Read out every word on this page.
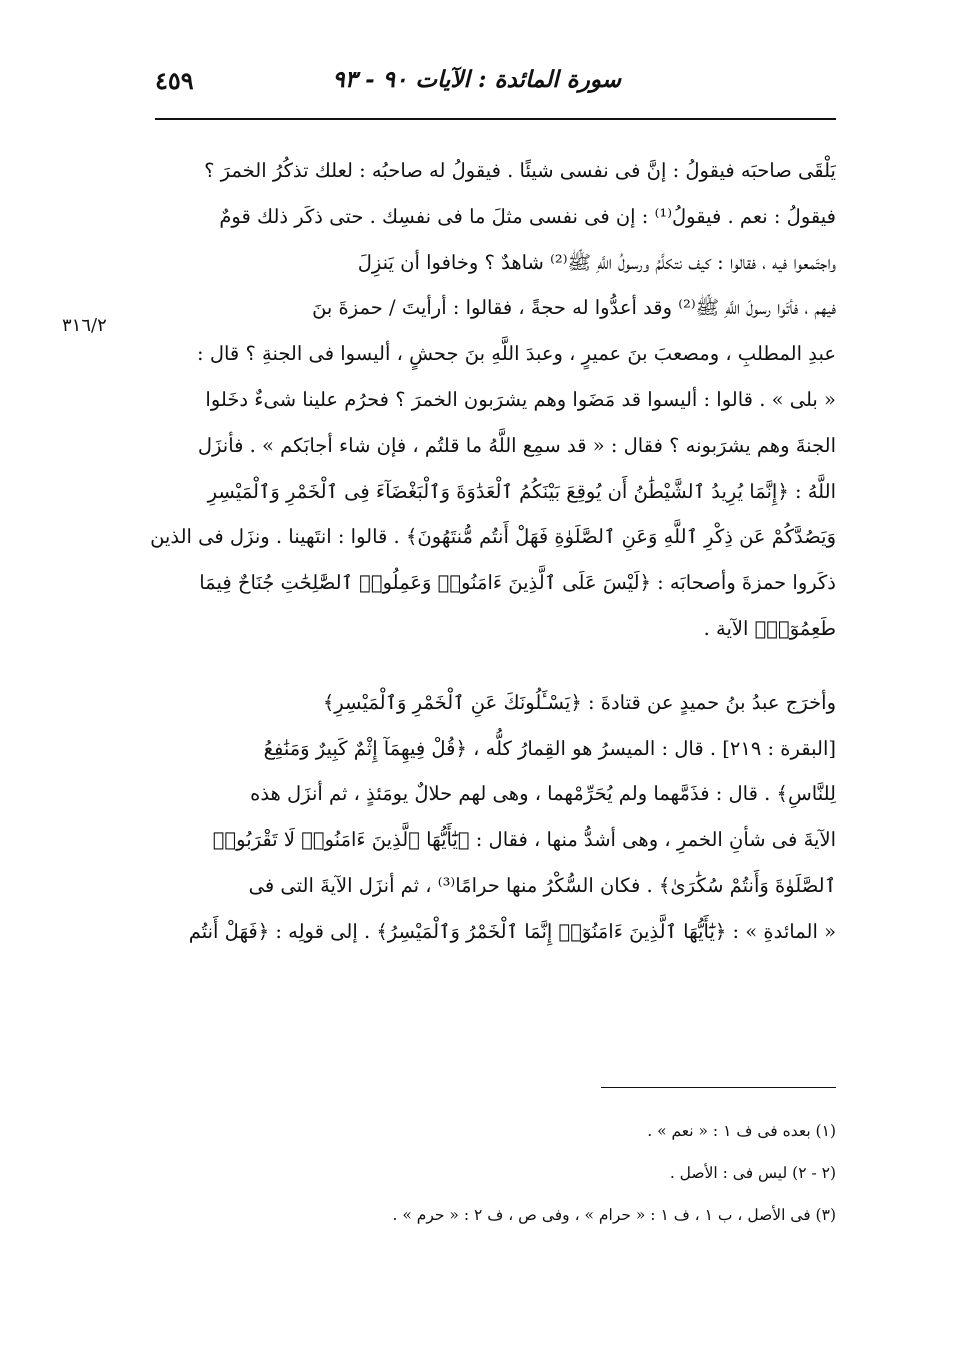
٤٥٩	سورة المائدة : الآيات ٩٠ - ٩٣
٣١٦/٢
يَلْقَى صاحبَه فيقولُ : إنَّ فى نفسى شيئًا . فيقولُ له صاحبُه : لعلك تذكُرُ الخمرَ ؟
فيقولُ : نعم . فيقولُ⁽¹⁾ : إن فى نفسى مثلَ ما فى نفسِك . حتى ذكَر ذلك قومٌ
واجتَمعوا فيه ، فقالوا : كيف نتكلَّمُ ورسولُ اللَّهِ ﷺ⁽²⁾ شاهدٌ ؟ وخافوا أن يَنزِلَ
فيهم ، فأتَوا رسولَ اللَّهِ ﷺ⁽²⁾ وقد أعدُّوا له حجةً ، فقالوا : أرأيتَ / حمزةَ بنَ
عبدِ المطلبِ ، ومصعبَ بنَ عميرٍ ، وعبدَ اللَّهِ بنَ جحشٍ ، أليسوا فى الجنةِ ؟ قال :
« بلى » . قالوا : أليسوا قد مَضَوا وهم يشرَبون الخمرَ ؟ فحرُم علينا شىءٌ دخَلوا
الجنةَ وهم يشرَبونه ؟ فقال : « قد سمِع اللَّهُ ما قلتُم ، فإن شاء أجابَكم » . فأنزَل
اللَّهُ : ﴿إِنَّمَا يُرِيدُ ٱلشَّيْطَٰنُ أَن يُوقِعَ بَيْنَكُمُ ٱلْعَدَٰوَةَ وَٱلْبَغْضَآءَ فِى ٱلْخَمْرِ وَٱلْمَيْسِرِ
وَيَصُدَّكُمْ عَن ذِكْرِ ٱللَّهِ وَعَنِ ٱلصَّلَوٰةِ فَهَلْ أَنتُم مُّنتَهُونَ﴾ . قالوا : انتَهينا . ونزَل فى الذين
ذكَروا حمزةَ وأصحابَه : ﴿لَيْسَ عَلَى ٱلَّذِينَ ءَامَنُوا۟ وَعَمِلُوا۟ ٱلصَّٰلِحَٰتِ جُنَاحٌ فِيمَا
طَعِمُوٓا۟﴾ الآية .
وأخرَج عبدُ بنُ حميدٍ عن قتادةَ : ﴿يَسْـَٔلُونَكَ عَنِ ٱلْخَمْرِ وَٱلْمَيْسِرِ﴾
[البقرة : ٢١٩] . قال : الميسرُ هو القِمارُ كلُّه ، ﴿قُلْ فِيهِمَآ إِثْمٌ كَبِيرٌ وَمَنَٰفِعُ
لِلنَّاسِ﴾ . قال : فذَمَّهما ولم يُحَرِّمْهما ، وهى لهم حلالٌ يومَئذٍ ، ثم أنزَل هذه
الآيةَ فى شأنِ الخمرِ ، وهى أشدُّ منها ، فقال : ﴿يَٰٓأَيُّهَا ٱلَّذِينَ ءَامَنُوا۟ لَا تَقْرَبُوا۟
ٱلصَّلَوٰةَ وَأَنتُمْ سُكَٰرَىٰ﴾ . فكان السُّكْرُ منها حرامًا⁽³⁾ ، ثم أنزَل الآيةَ التى فى
« المائدةِ » : ﴿يَٰٓأَيُّهَا ٱلَّذِينَ ءَامَنُوٓا۟ إِنَّمَا ٱلْخَمْرُ وَٱلْمَيْسِرُ﴾ . إلى قولِه : ﴿فَهَلْ أَنتُم
(١) بعده فى ف ١ : « نعم » .
(٢ - ٢) ليس فى : الأصل .
(٣) فى الأصل ، ب ١ ، ف ١ : « حرام » ، وفى ص ، ف ٢ : « حرم » .
